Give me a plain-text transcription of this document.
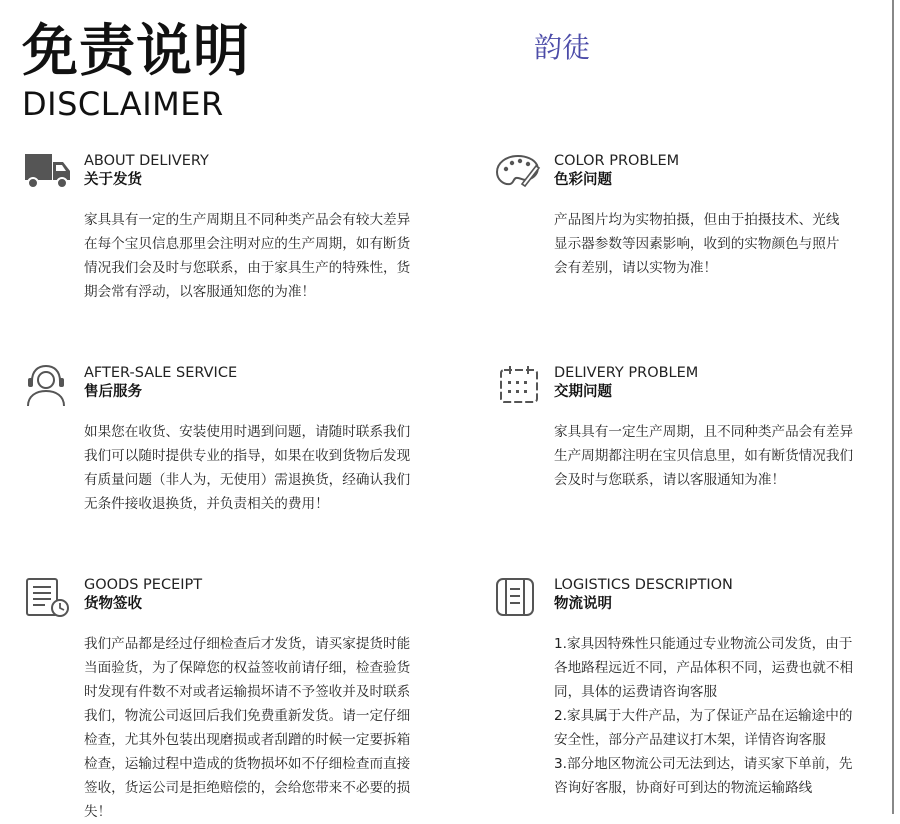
免责说明
DISCLAIMER
韵徒
ABOUT DELIVERY
关于发货

家具具有一定的生产周期且不同种类产品会有较大差异

在每个宝贝信息那里会注明对应的生产周期，如有断货

情况我们会及时与您联系，由于家具生产的特殊性，货

期会常有浮动，以客服通知您的为准！

COLOR PROBLEM
色彩问题

产品图片均为实物拍摄，但由于拍摄技术、光线

显示器参数等因素影响，收到的实物颜色与照片

会有差别，请以实物为准！

AFTER-SALE SERVICE
售后服务

如果您在收货、安装使用时遇到问题，请随时联系我们

我们可以随时提供专业的指导，如果在收到货物后发现

有质量问题（非人为，无使用）需退换货，经确认我们

无条件接收退换货，并负责相关的费用！

DELIVERY PROBLEM
交期问题

家具具有一定生产周期，且不同种类产品会有差异

生产周期都注明在宝贝信息里，如有断货情况我们

会及时与您联系，请以客服通知为准！

GOODS PECEIPT
货物签收

我们产品都是经过仔细检查后才发货，请买家提货时能

当面验货，为了保障您的权益签收前请仔细，检查验货

时发现有件数不对或者运输损坏请不予签收并及时联系

我们，物流公司返回后我们免费重新发货。请一定仔细

检查，尤其外包装出现磨损或者刮蹭的时候一定要拆箱

检查，运输过程中造成的货物损坏如不仔细检查而直接

签收，货运公司是拒绝赔偿的，会给您带来不必要的损

失！

LOGISTICS DESCRIPTION
物流说明

1.家具因特殊性只能通过专业物流公司发货，由于

各地路程远近不同，产品体积不同，运费也就不相

同，具体的运费请咨询客服

2.家具属于大件产品，为了保证产品在运输途中的

安全性，部分产品建议打木架，详情咨询客服

3.部分地区物流公司无法到达，请买家下单前，先

咨询好客服，协商好可到达的物流运输路线
